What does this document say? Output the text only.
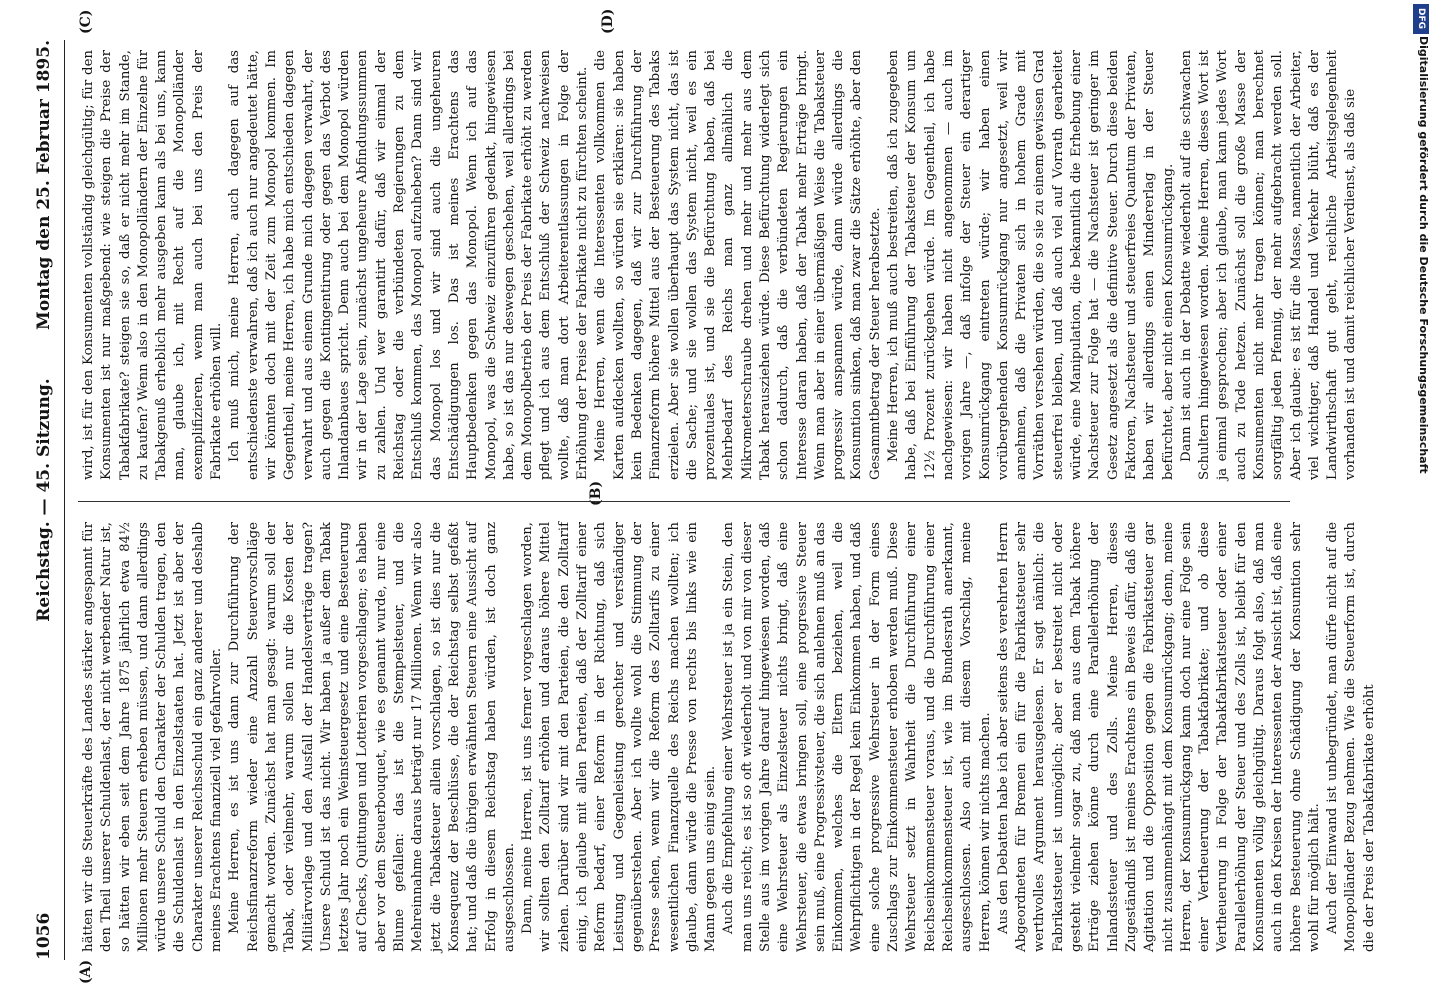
1056
Reichstag. — 45. Sitzung.
Montag den 25. Februar 1895.
(A)
(B)
(C)	(D)

hätten wir die Steuerkräfte des Landes stärker angespannt für den Theil unserer Schuldenlast, der nicht werbender Natur ist, so hätten wir eben seit dem Jahre 1875 jährlich etwa 84½ Millionen mehr Steuern erheben müssen, und dann allerdings würde unsere Schuld den Charakter der Schulden tragen, den die Schuldenlast in den Einzelstaaten hat. Jetzt ist aber der Charakter unserer Reichsschuld ein ganz anderer und deshalb meines Erachtens finanziell viel gefahrvoller. Meine Herren, es ist uns dann zur Durchführung der Reichsfinanzreform wieder eine Anzahl Steuervorschläge gemacht worden. Zunächst hat man gesagt: warum soll der Tabak, oder vielmehr, warum sollen nur die Kosten der Militärvorlage und den Ausfall der Handelsverträge tragen? Unsere Schuld ist das nicht. Wir haben ja außer dem Tabak letztes Jahr noch ein Weinsteuergesetz und eine Besteuerung auf Checks, Quittungen und Lotterien vorgeschlagen; es haben aber vor dem Steuerbouquet, wie es genannt wurde, nur eine Blume gefallen: das ist die Stempelsteuer, und die Mehreinnahme daraus beträgt nur 17 Millionen. Wenn wir also jetzt die Tabaksteuer allein vorschlagen, so ist dies nur die Konsequenz der Beschlüsse, die der Reichstag selbst gefaßt hat; und daß die übrigen erwähnten Steuern eine Aussicht auf Erfolg in diesem Reichstag haben würden, ist doch ganz ausgeschlossen. Dann, meine Herren, ist uns ferner vorgeschlagen worden, wir sollten den Zolltarif erhöhen und daraus höhere Mittel ziehen. Darüber sind wir mit den Parteien, die den Zolltarif einig, ich glaube mit allen Parteien, daß der Zolltarif einer Reform bedarf, einer Reform in der Richtung, daß sich Leistung und Gegenleistung gerechter und verständiger gegenüberstehen. Aber ich wollte wohl die Stimmung der Presse sehen, wenn wir die Reform des Zolltarifs zu einer wesentlichen Finanzquelle des Reichs machen wollten; ich glaube, dann würde die Presse von rechts bis links wie ein Mann gegen uns einig sein. Auch die Empfehlung einer Wehrsteuer ist ja ein Stein, den man uns reicht; es ist so oft wiederholt und von mir von dieser Stelle aus im vorigen Jahre darauf hingewiesen worden, daß eine Wehrsteuer als Einzelsteuer nichts bringt, daß eine Wehrsteuer, die etwas bringen soll, eine progressive Steuer sein muß, eine Progressivsteuer, die sich anlehnen muß an das Einkommen, welches die Eltern beziehen, weil die Wehrpflichtigen in der Regel kein Einkommen haben, und daß eine solche progressive Wehrsteuer in der Form eines Zuschlags zur Einkommensteuer erhoben werden muß. Diese Wehrsteuer setzt in Wahrheit die Durchführung einer Reichseinkommensteuer voraus, und die Durchführung einer Reichseinkommensteuer ist, wie im Bundesrath anerkannt, ausgeschlossen. Also auch mit diesem Vorschlag, meine Herren, können wir nichts machen. Aus den Debatten habe ich aber seitens des verehrten Herrn Abgeordneten für Bremen ein für die Fabrikatsteuer sehr werthvolles Argument herausgelesen. Er sagt nämlich: die Fabrikatsteuer ist unmöglich; aber er bestreitet nicht oder gesteht vielmehr sogar zu, daß man aus dem Tabak höhere Erträge ziehen könne durch eine Parallelerhöhung der Inlandssteuer und des Zolls. Meine Herren, dieses Zugeständniß ist meines Erachtens ein Beweis dafür, daß die Agitation und die Opposition gegen die Fabrikatsteuer gar nicht zusammenhängt mit dem Konsumrückgang; denn, meine Herren, der Konsumrückgang kann doch nur eine Folge sein einer Vertheuerung der Tabakfabrikate; und ob diese Vertheuerung in Folge der Tabakfabrikatsteuer oder einer Parallelerhöhung der Steuer und des Zolls ist, bleibt für den Konsumenten völlig gleichgültig. Daraus folgt also, daß man auch in den Kreisen der Interessenten der Ansicht ist, daß eine höhere Besteuerung ohne Schädigung der Konsumtion sehr wohl für möglich hält. Auch der Einwand ist unbegründet, man dürfe nicht auf die Monopolländer Bezug nehmen. Wie die Steuerform ist, durch die der Preis der Tabakfabrikate erhöht

wird, ist für den Konsumenten vollständig gleichgültig; für den Konsumenten ist nur maßgebend: wie steigen die Preise der Tabakfabrikate? steigen sie so, daß er nicht mehr im Stande, zu kaufen? Wenn also in den Monopolländern der Einzelne für Tabakgenuß erheblich mehr ausgeben kann als bei uns, kann man, glaube ich, mit Recht auf die Monopolländer exemplifizieren, wenn man auch bei uns den Preis der Fabrikate erhöhen will. Ich muß mich, meine Herren, auch dagegen auf das entschiedenste verwahren, daß ich auch nur angedeutet hätte, wir könnten doch mit der Zeit zum Monopol kommen. Im Gegentheil, meine Herren, ich habe mich entschieden dagegen verwahrt und aus einem Grunde mich dagegen verwahrt, der auch gegen die Kontingentirung oder gegen das Verbot des Inlandanbaues spricht. Denn auch bei dem Monopol würden wir in der Lage sein, zunächst ungeheure Abfindungssummen zu zahlen. Und wer garantirt dafür, daß wir einmal der Reichstag oder die verbündeten Regierungen zu dem Entschluß kommen, das Monopol aufzuheben? Dann sind wir das Monopol los und wir sind auch die ungeheuren Entschädigungen los. Das ist meines Erachtens das Hauptbedenken gegen das Monopol. Wenn ich auf das Monopol, was die Schweiz einzuführen gedenkt, hingewiesen habe, so ist das nur deswegen geschehen, weil allerdings bei dem Monopolbetrieb der Preis der Fabrikate erhöht zu werden pflegt und ich aus dem Entschluß der Schweiz nachweisen wollte, daß man dort Arbeiterentlassungen in Folge der Erhöhung der Preise der Fabrikate nicht zu fürchten scheint. Meine Herren, wenn die Interessenten vollkommen die Karten aufdecken wollten, so würden sie erklären: sie haben kein Bedenken dagegen, daß wir zur Durchführung der Finanzreform höhere Mittel aus der Besteuerung des Tabaks erzielen. Aber sie wollen überhaupt das System nicht, das ist die Sache; und sie wollen das System nicht, weil es ein prozentuales ist, und sie die Befürchtung haben, daß bei Mehrbedarf des Reichs man ganz allmählich die Mikrometerschraube drehen und mehr und mehr aus dem Tabak herausziehen würde. Diese Befürchtung widerlegt sich schon dadurch, daß die verbündeten Regierungen ein Interesse daran haben, daß der Tabak mehr Erträge bringt. Wenn man aber in einer übermäßigen Weise die Tabaksteuer progressiv anspannen würde, dann würde allerdings die Konsumtion sinken, daß man zwar die Sätze erhöhte, aber den Gesammtbetrag der Steuer herabsetzte. Meine Herren, ich muß auch bestreiten, daß ich zugegeben habe, daß bei Einführung der Tabaksteuer der Konsum um 12½ Prozent zurückgehen würde. Im Gegentheil, ich habe nachgewiesen: wir haben nicht angenommen — auch im vorigen Jahre —, daß infolge der Steuer ein derartiger Konsumrückgang eintreten würde; wir haben einen vorübergehenden Konsumrückgang nur angesetzt, weil wir annehmen, daß die Privaten sich in hohem Grade mit Vorräthen versehen würden, die so sie zu einem gewissen Grad steuerfrei bleiben, und daß auch viel auf Vorrath gearbeitet würde, eine Manipulation, die bekanntlich die Erhebung einer Nachsteuer zur Folge hat — die Nachsteuer ist geringer im Gesetz angesetzt als die definitive Steuer. Durch diese beiden Faktoren, Nachsteuer und steuerfreies Quantum der Privaten, haben wir allerdings einen Mindererlag in der Steuer befürchtet, aber nicht einen Konsumrückgang. Dann ist auch in der Debatte wiederholt auf die schwachen Schultern hingewiesen worden. Meine Herren, dieses Wort ist ja einmal gesprochen; aber ich glaube, man kann jedes Wort auch zu Tode hetzen. Zunächst soll die große Masse der Konsumenten nicht mehr tragen können; man berechnet sorgfältig jeden Pfennig, der mehr aufgebracht werden soll. Aber ich glaube: es ist für die Masse, namentlich der Arbeiter, viel wichtiger, daß Handel und Verkehr blüht, daß es der Landwirthschaft gut geht, reichliche Arbeitsgelegenheit vorhanden ist und damit reichlicher Verdienst, als daß sie

DFG
Digitalisierung gefördert durch die Deutsche Forschungsgemeinschaft
